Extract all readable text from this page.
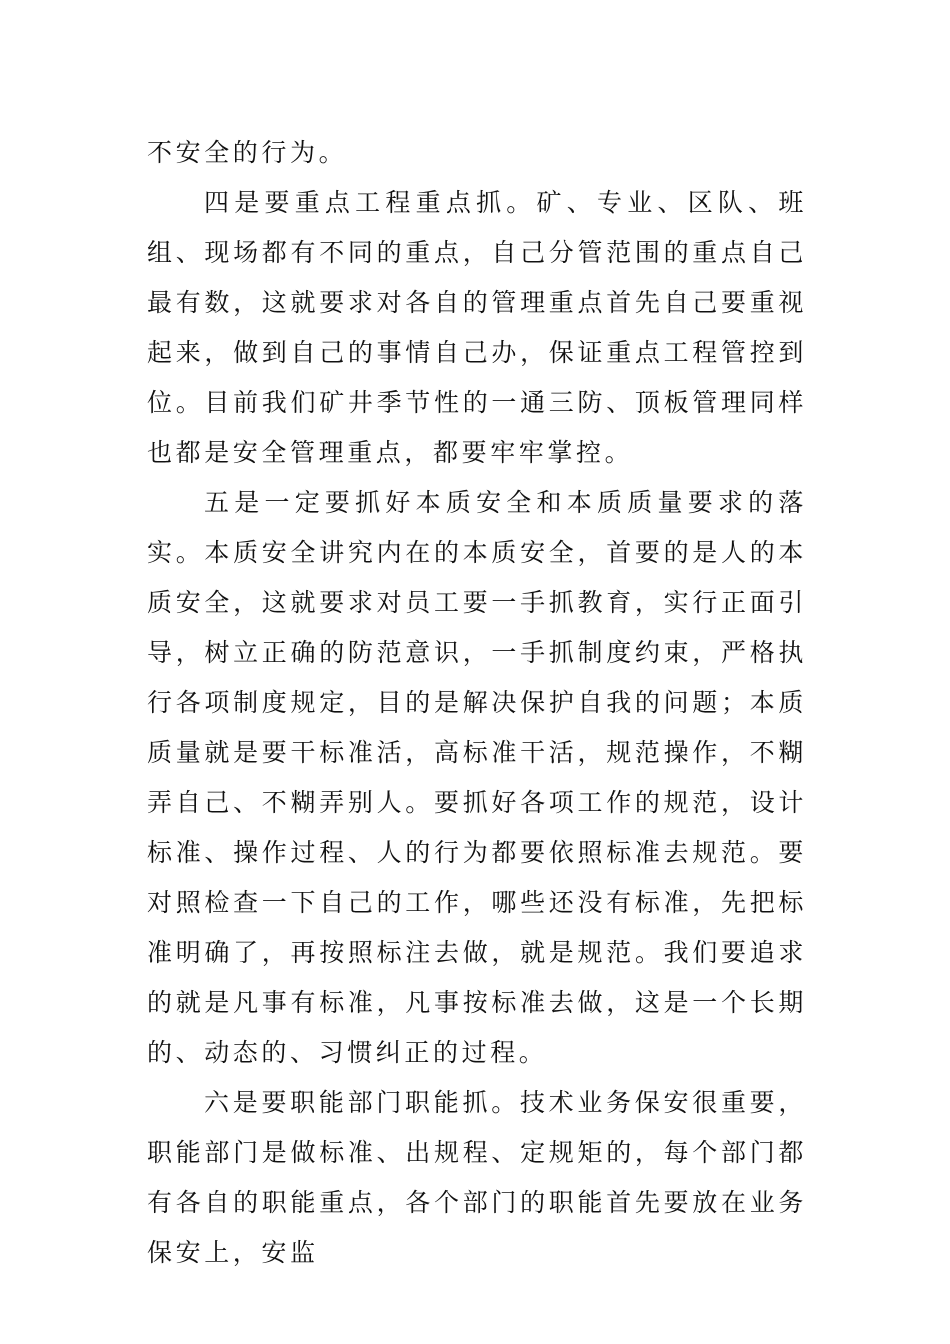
不安全的行为。

四是要重点工程重点抓。矿、专业、区队、班组、现场都有不同的重点，自己分管范围的重点自己最有数，这就要求对各自的管理重点首先自己要重视起来，做到自己的事情自己办，保证重点工程管控到位。目前我们矿井季节性的一通三防、顶板管理同样也都是安全管理重点，都要牢牢掌控。

五是一定要抓好本质安全和本质质量要求的落实。本质安全讲究内在的本质安全，首要的是人的本质安全，这就要求对员工要一手抓教育，实行正面引导，树立正确的防范意识，一手抓制度约束，严格执行各项制度规定，目的是解决保护自我的问题；本质质量就是要干标准活，高标准干活，规范操作，不糊弄自己、不糊弄别人。要抓好各项工作的规范，设计标准、操作过程、人的行为都要依照标准去规范。要对照检查一下自己的工作，哪些还没有标准，先把标准明确了，再按照标注去做，就是规范。我们要追求的就是凡事有标准，凡事按标准去做，这是一个长期的、动态的、习惯纠正的过程。

六是要职能部门职能抓。技术业务保安很重要，职能部门是做标准、出规程、定规矩的，每个部门都有各自的职能重点，各个部门的职能首先要放在业务保安上，安监
